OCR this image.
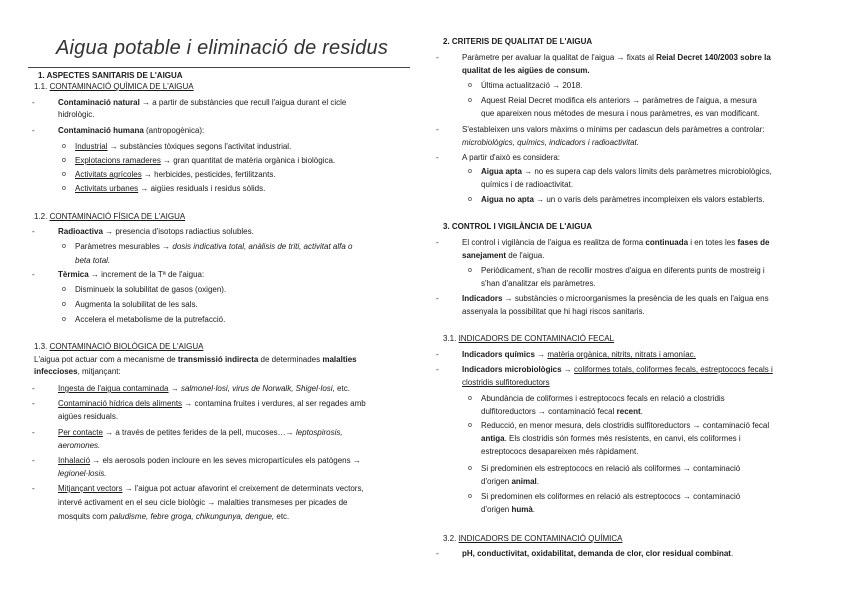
Aigua potable i eliminació de residus
1. ASPECTES SANITARIS DE L'AIGUA
1.1. CONTAMINACIÓ QUÍMICA DE L'AIGUA
- Contaminació natural → a partir de substàncies que recull l'aigua durant el cicle
hidrològic.
- Contaminació humana (antropogènica):
o Industrial → substàncies tòxiques segons l'activitat industrial.
o Explotacions ramaderes → gran quantitat de matèria orgànica i biològica.
o Activitats agrícoles → herbicides, pesticides, fertilitzants.
o Activitats urbanes → aigües residuals i residus sòlids.
1.2. CONTAMINACIÓ FÍSICA DE L'AIGUA
- Radioactiva → presencia d'isotops radiactius solubles.
o Paràmetres mesurables → dosis indicativa total, anàlisis de triti, activitat alfa o
beta total.
- Tèrmica → increment de la Tª de l'aigua:
o Disminueix la solubilitat de gasos (oxigen).
o Augmenta la solubilitat de les sals.
o Accelera el metabolisme de la putrefacció.
1.3. CONTAMINACIÓ BIOLÒGICA DE L'AIGUA
L'aigua pot actuar com a mecanisme de transmissió indirecta de determinades malalties
infeccioses, mitjançant:
- Ingesta de l'aigua contaminada → salmonel·losi, virus de Norwalk, Shigel·losi, etc.
- Contaminació hídrica dels aliments → contamina fruites i verdures, al ser regades amb
aigües residuals.
- Per contacte → a través de petites ferides de la pell, mucoses…→ leptospirosis,
aeromones.
- Inhalació → els aerosols poden incloure en les seves micropartícules els patògens →
legionel·losis.
- Mitjançant vectors → l'aigua pot actuar afavorint el creixement de determinats vectors,
intervé activament en el seu cicle biològic → malalties transmeses per picades de
mosquits com paludisme, febre groga, chikungunya, dengue, etc.
2. CRITERIS DE QUALITAT DE L'AIGUA
- Paràmetre per avaluar la qualitat de l'aigua → fixats al Reial Decret 140/2003 sobre la
qualitat de les aigües de consum.
o Última actualització → 2018.
o Aquest Reial Decret modifica els anteriors → paràmetres de l'aigua, a mesura
que apareixen nous mètodes de mesura i nous paràmetres, es van modificant.
- S'estableixen uns valors màxims o mínims per cadascun dels paràmetres a controlar:
microbiològics, químics, indicadors i radioactivitat.
- A partir d'això es considera:
o Aigua apta → no es supera cap dels valors límits dels paràmetres microbiològics,
químics i de radioactivitat.
o Aigua no apta → un o varis dels paràmetres incompleixen els valors establerts.
3. CONTROL I VIGILÀNCIA DE L'AIGUA
- El control i vigilància de l'aigua es realitza de forma continuada i en totes les fases de
sanejament de l'aigua.
o Periòdicament, s'han de recollir mostres d'aigua en diferents punts de mostreig i
s'han d'analitzar els paràmetres.
- Indicadors → substàncies o microorganismes la presència de les quals en l'aigua ens
assenyala la possibilitat que hi hagi riscos sanitaris.
3.1. INDICADORS DE CONTAMINACIÓ FECAL
- Indicadors químics → matèria orgànica, nitrits, nitrats i amoníac.
- Indicadors microbiològics → coliformes totals, coliformes fecals, estreptococs fecals i
clostridis sulfitoreductors
o Abundància de coliformes i estreptococs fecals en relació a clostridis
dulfitoreductors → contaminació fecal recent.
o Reducció, en menor mesura, dels clostridis sulfitoreductors → contaminació fecal
antiga. Els clostridis són formes més resistents, en canvi, els coliformes i
estreptococs desapareixen més ràpidament.
o Si predominen els estreptococs en relació als coliformes → contaminació
d'origen animal.
o Si predominen els coliformes en relació als estreptococs → contaminació
d'origen humà.
3.2. INDICADORS DE CONTAMINACIÓ QUÍMICA
- pH, conductivitat, oxidabilitat, demanda de clor, clor residual combinat.
